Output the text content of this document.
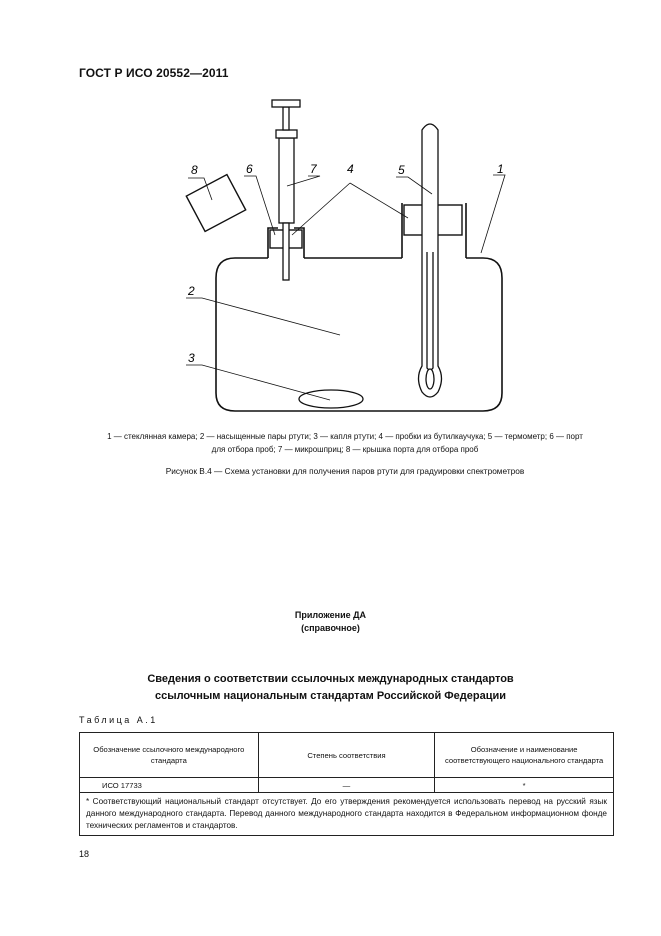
ГОСТ Р ИСО 20552—2011
8	6	7	4	5	1
2
3
1 — стеклянная камера; 2 — насыщенные пары ртути; 3 — капля ртути; 4 — пробки из бутилкаучука; 5 — термометр; 6 — порт
для отбора проб; 7 — микрошприц; 8 — крышка порта для отбора проб
Рисунок В.4 — Схема установки для получения паров ртути для градуировки спектрометров
Приложение ДА
(справочное)
Сведения о соответствии ссылочных международных стандартов
ссылочным национальным стандартам Российской Федерации
Таблица А.1
Обозначение ссылочного международного стандарта	Степень соответствия	Обозначение и наименование соответствующего национального стандарта
ИСО 17733	—	*
* Соответствующий национальный стандарт отсутствует. До его утверждения рекомендуется использовать перевод на русский язык данного международного стандарта. Перевод данного международного стандарта находится в Федеральном информационном фонде технических регламентов и стандартов.		
18
